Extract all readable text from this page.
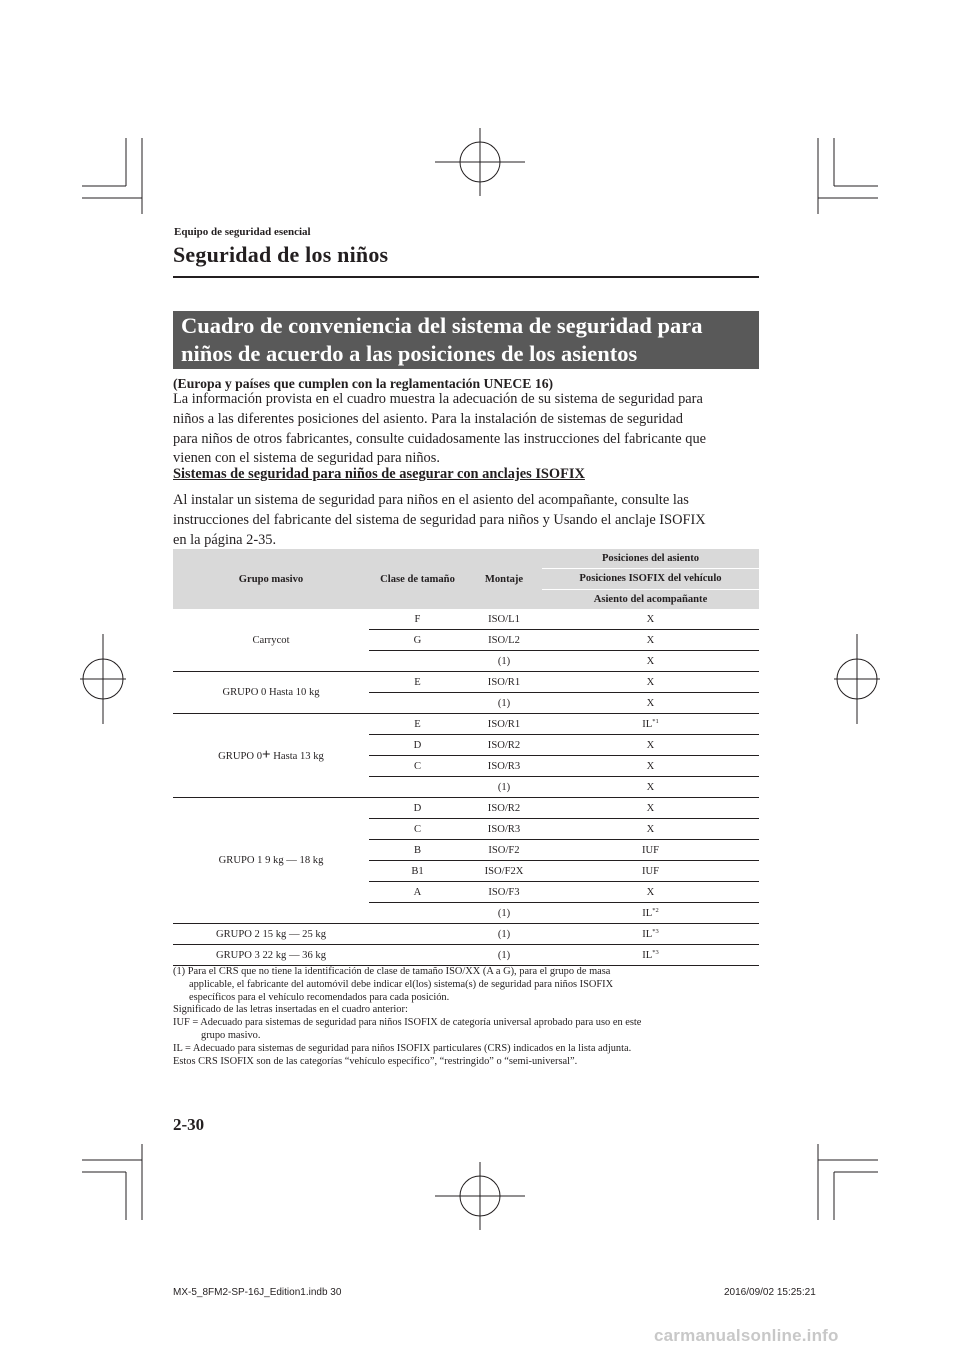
Equipo de seguridad esencial
Seguridad de los niños
Cuadro de conveniencia del sistema de seguridad para
niños de acuerdo a las posiciones de los asientos
(Europa y países que cumplen con la reglamentación UNECE 16)
La información provista en el cuadro muestra la adecuación de su sistema de seguridad para
niños a las diferentes posiciones del asiento. Para la instalación de sistemas de seguridad
para niños de otros fabricantes, consulte cuidadosamente las instrucciones del fabricante que
vienen con el sistema de seguridad para niños.
Sistemas de seguridad para niños de asegurar con anclajes ISOFIX
Al instalar un sistema de seguridad para niños en el asiento del acompañante, consulte las
instrucciones del fabricante del sistema de seguridad para niños y Usando el anclaje ISOFIX
en la página 2-35.
Grupo masivo	Clase de tamaño	Montaje	Posiciones del asiento
			Posiciones ISOFIX del vehículo
			Asiento del acompañante
Carrycot	F	ISO/L1	X
	G	ISO/L2	X
		(1)	X
GRUPO 0 Hasta 10 kg	E	ISO/R1	X
		(1)	X
GRUPO 0+ Hasta 13 kg	E	ISO/R1	IL$^{*1}$
	D	ISO/R2	X
	C	ISO/R3	X
		(1)	X
GRUPO 1 9 kg — 18 kg	D	ISO/R2	X
	C	ISO/R3	X
	B	ISO/F2	IUF
	B1	ISO/F2X	IUF
	A	ISO/F3	X
		(1)	IL$^{*2}$
GRUPO 2 15 kg — 25 kg		(1)	IL$^{*3}$
GRUPO 3 22 kg — 36 kg		(1)	IL$^{*3}$
(1) Para el CRS que no tiene la identificación de clase de tamaño ISO/XX (A a G), para el grupo de masa
applicable, el fabricante del automóvil debe indicar el(los) sistema(s) de seguridad para niños ISOFIX
específicos para el vehículo recomendados para cada posición.
Significado de las letras insertadas en el cuadro anterior:
IUF = Adecuado para sistemas de seguridad para niños ISOFIX de categoría universal aprobado para uso en este
grupo masivo.
IL = Adecuado para sistemas de seguridad para niños ISOFIX particulares (CRS) indicados en la lista adjunta.
Estos CRS ISOFIX son de las categorías “vehículo específico”, “restringido” o “semi-universal”.
2-30
MX-5_8FM2-SP-16J_Edition1.indb 30	2016/09/02 15:25:21
carmanualsonline.info
